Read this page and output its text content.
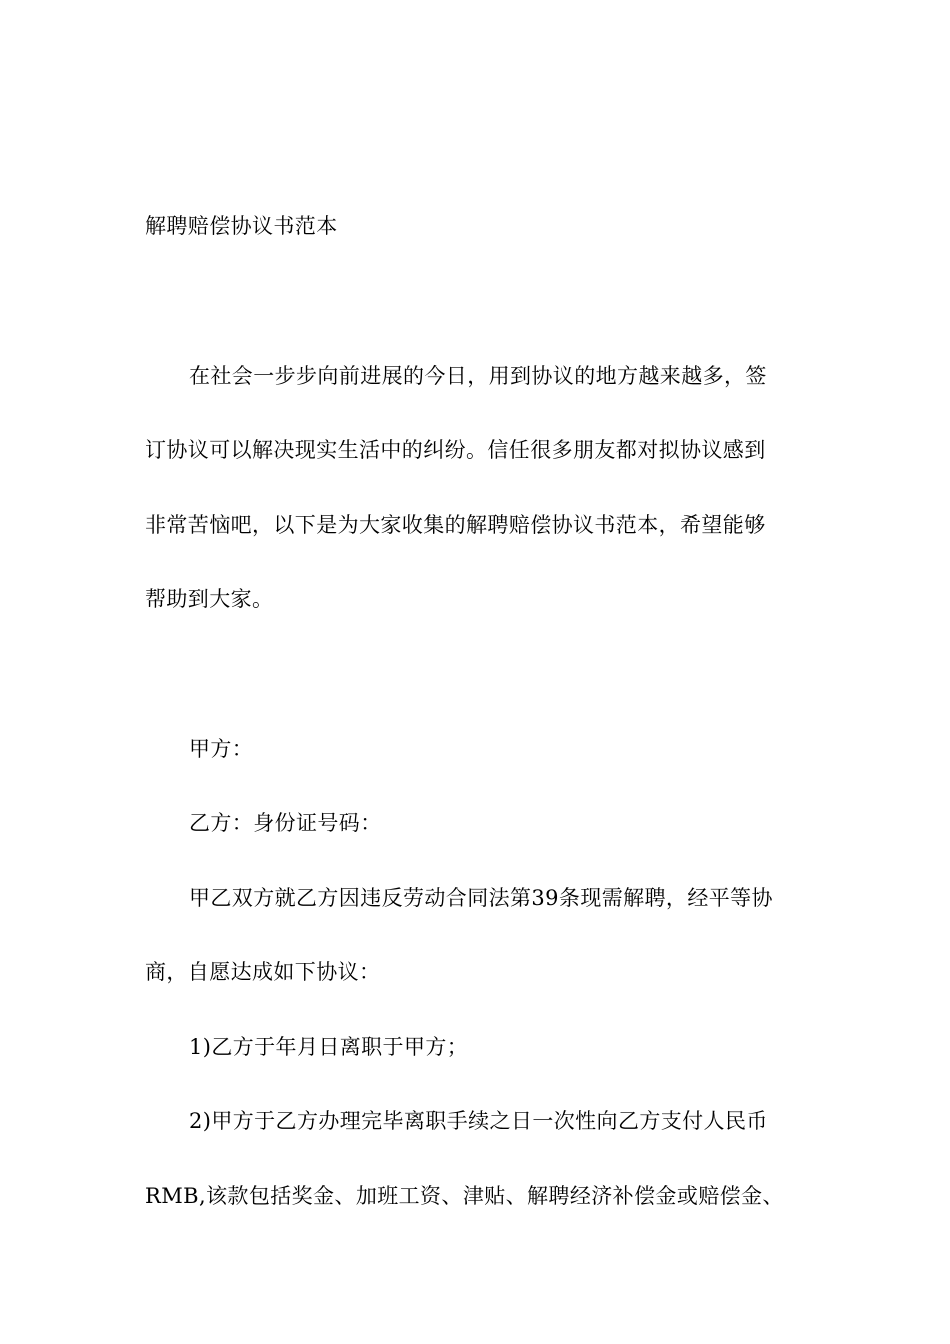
解聘赔偿协议书范本
在社会一步步向前进展的今日，用到协议的地方越来越多，签
订协议可以解决现实生活中的纠纷。信任很多朋友都对拟协议感到
非常苦恼吧，以下是为大家收集的解聘赔偿协议书范本，希望能够
帮助到大家。
甲方：
乙方：身份证号码：
甲乙双方就乙方因违反劳动合同法第39条现需解聘，经平等协
商，自愿达成如下协议：
1)乙方于年月日离职于甲方；
2)甲方于乙方办理完毕离职手续之日一次性向乙方支付人民币
RMB,该款包括奖金、加班工资、津贴、解聘经济补偿金或赔偿金、
